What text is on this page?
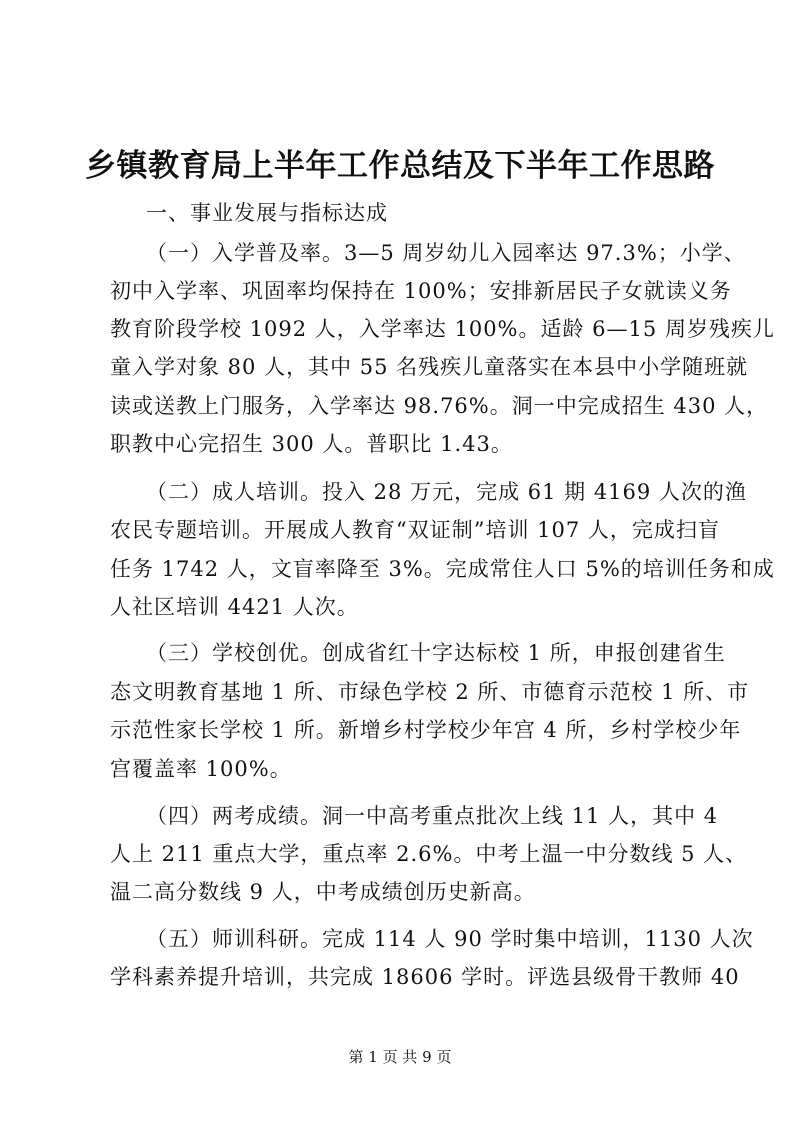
乡镇教育局上半年工作总结及下半年工作思路
一、事业发展与指标达成
（一）入学普及率。3—5 周岁幼儿入园率达 97.3%；小学、
初中入学率、巩固率均保持在 100%；安排新居民子女就读义务
教育阶段学校 1092 人，入学率达 100%。适龄 6—15 周岁残疾儿
童入学对象 80 人，其中 55 名残疾儿童落实在本县中小学随班就
读或送教上门服务，入学率达 98.76%。洞一中完成招生 430 人，
职教中心完招生 300 人。普职比 1.43。
（二）成人培训。投入 28 万元，完成 61 期 4169 人次的渔
农民专题培训。开展成人教育“双证制”培训 107 人，完成扫盲
任务 1742 人，文盲率降至 3%。完成常住人口 5%的培训任务和成
人社区培训 4421 人次。
（三）学校创优。创成省红十字达标校 1 所，申报创建省生
态文明教育基地 1 所、市绿色学校 2 所、市德育示范校 1 所、市
示范性家长学校 1 所。新增乡村学校少年宫 4 所，乡村学校少年
宫覆盖率 100%。
（四）两考成绩。洞一中高考重点批次上线 11 人，其中 4
人上 211 重点大学，重点率 2.6%。中考上温一中分数线 5 人、
温二高分数线 9 人，中考成绩创历史新高。
（五）师训科研。完成 114 人 90 学时集中培训，1130 人次
学科素养提升培训，共完成 18606 学时。评选县级骨干教师 40
第 1 页 共 9 页
